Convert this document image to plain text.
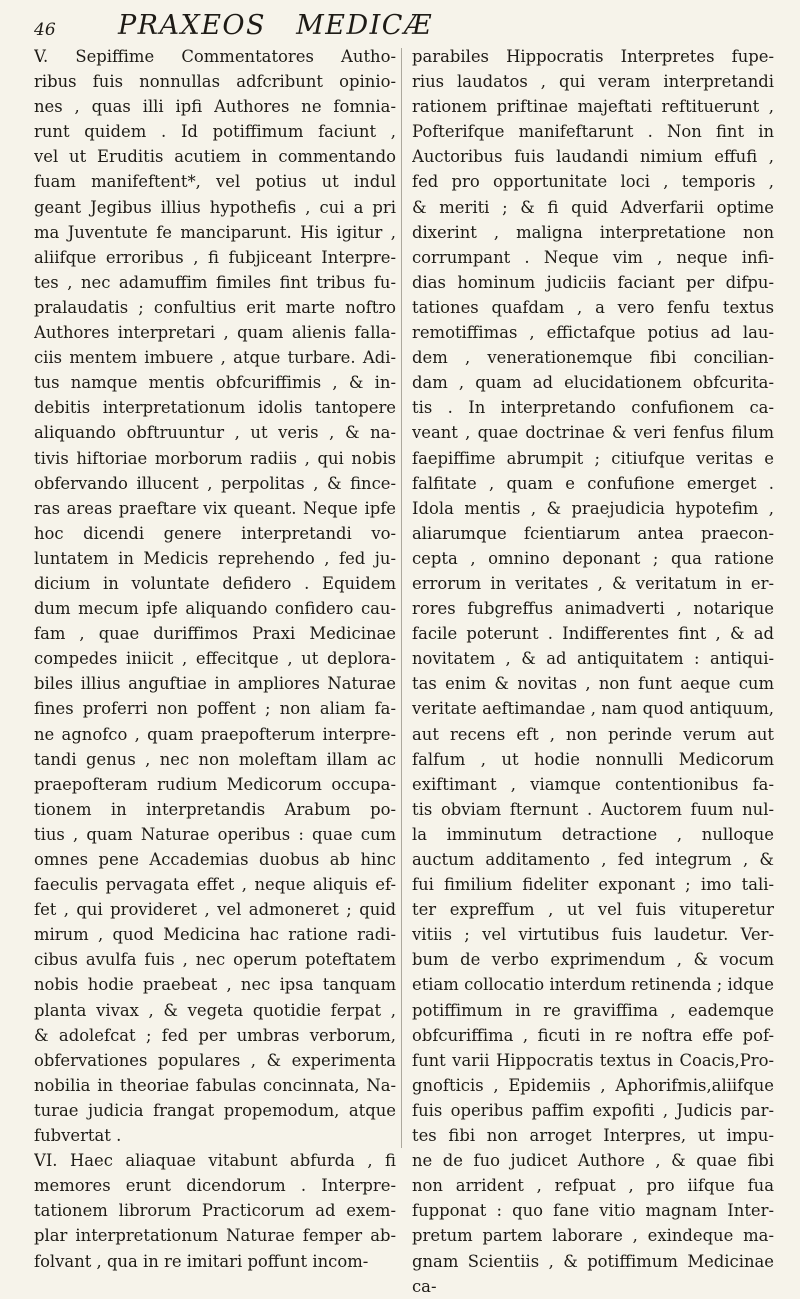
46 PRAXEOS MEDICÆ
V. Sepiffime Commentatores Autho-
ribus fuis nonnullas adfcribunt opinio-
nes , quas illi ipfi Authores ne fomnia-
runt quidem . Id potiffimum faciunt ,
vel ut Eruditis acutiem in commentando
fuam manifeftent*, vel potius ut indul
geant Jegibus illius hypothefis , cui a pri
ma Juventute fe manciparunt. His igitur ,
aliifque erroribus , fi fubjiceant Interpre-
tes , nec adamuffim fimiles fint tribus fu-
pralaudatis ; confultius erit marte noftro
Authores interpretari , quam alienis falla-
ciis mentem imbuere , atque turbare. Adi-
tus namque mentis obfcuriffimis , & in-
debitis interpretationum idolis tantopere
aliquando obftruuntur , ut veris , & na-
tivis hiftoriae morborum radiis , qui nobis
obfervando illucent , perpolitas , & fince-
ras areas praeftare vix queant. Neque ipfe
hoc dicendi genere interpretandi vo-
luntatem in Medicis reprehendo , fed ju-
dicium in voluntate defidero . Equidem
dum mecum ipfe aliquando confidero cau-
fam , quae duriffimos Praxi Medicinae
compedes iniicit , effecitque , ut deplora-
biles illius anguftiae in ampliores Naturae
fines proferri non poffent ; non aliam fa-
ne agnofco , quam praepofterum interpre-
tandi genus , nec non moleftam illam ac
praepofteram rudium Medicorum occupa-
tionem in interpretandis Arabum po-
tius , quam Naturae operibus : quae cum
omnes pene Accademias duobus ab hinc
faeculis pervagata effet , neque aliquis ef-
fet , qui provideret , vel admoneret ; quid
mirum , quod Medicina hac ratione radi-
cibus avulfa fuis , nec operum poteftatem
nobis hodie praebeat , nec ipsa tanquam
planta vivax , & vegeta quotidie ferpat ,
& adolefcat ; fed per umbras verborum,
obfervationes populares , & experimenta
nobilia in theoriae fabulas concinnata, Na-
turae judicia frangat propemodum, atque
fubvertat .
VI. Haec aliaquae vitabunt abfurda , fi
memores erunt dicendorum . Interpre-
tationem librorum Practicorum ad exem-
plar interpretationum Naturae femper ab-
folvant , qua in re imitari poffunt incom-
parabiles Hippocratis Interpretes fupe-
rius laudatos , qui veram interpretandi
rationem priftinae majeftati reftituerunt ,
Pofterifque manifeftarunt . Non fint in
Auctoribus fuis laudandi nimium effufi ,
fed pro opportunitate loci , temporis ,
& meriti ; & fi quid Adverfarii optime
dixerint , maligna interpretatione non
corrumpant . Neque vim , neque infi-
dias hominum judiciis faciant per difpu-
tationes quafdam , a vero fenfu textus
remotiffimas , effictafque potius ad lau-
dem , venerationemque fibi concilian-
dam , quam ad elucidationem obfcurita-
tis . In interpretando confufionem ca-
veant , quae doctrinae & veri fenfus filum
faepiffime abrumpit ; citiufque veritas e
falfitate , quam e confufione emerget .
Idola mentis , & praejudicia hypotefim ,
aliarumque fcientiarum antea praecon-
cepta , omnino deponant ; qua ratione
errorum in veritates , & veritatum in er-
rores fubgreffus animadverti , notarique
facile poterunt . Indifferentes fint , & ad
novitatem , & ad antiquitatem : antiqui-
tas enim & novitas , non funt aeque cum
veritate aeftimandae , nam quod antiquum,
aut recens eft , non perinde verum aut
falfum , ut hodie nonnulli Medicorum
exiftimant , viamque contentionibus fa-
tis obviam fternunt . Auctorem fuum nul-
la imminutum detractione , nulloque
auctum additamento , fed integrum , &
fui fimilium fideliter exponant ; imo tali-
ter expreffum , ut vel fuis vituperetur
vitiis ; vel virtutibus fuis laudetur. Ver-
bum de verbo exprimendum , & vocum
etiam collocatio interdum retinenda ; idque
potiffimum in re graviffima , eademque
obfcuriffima , ficuti in re noftra effe pof-
funt varii Hippocratis textus in Coacis,Pro-
gnofticis , Epidemiis , Aphorifmis,aliifque
fuis operibus paffim expofiti , Judicis par-
tes fibi non arroget Interpres, ut impu-
ne de fuo judicet Authore , & quae fibi
non arrident , refpuat , pro iifque fua
fupponat : quo fane vitio magnam Inter-
pretum partem laborare , exindeque ma-
gnam Scientiis , & potiffimum Medicinae
ca-
